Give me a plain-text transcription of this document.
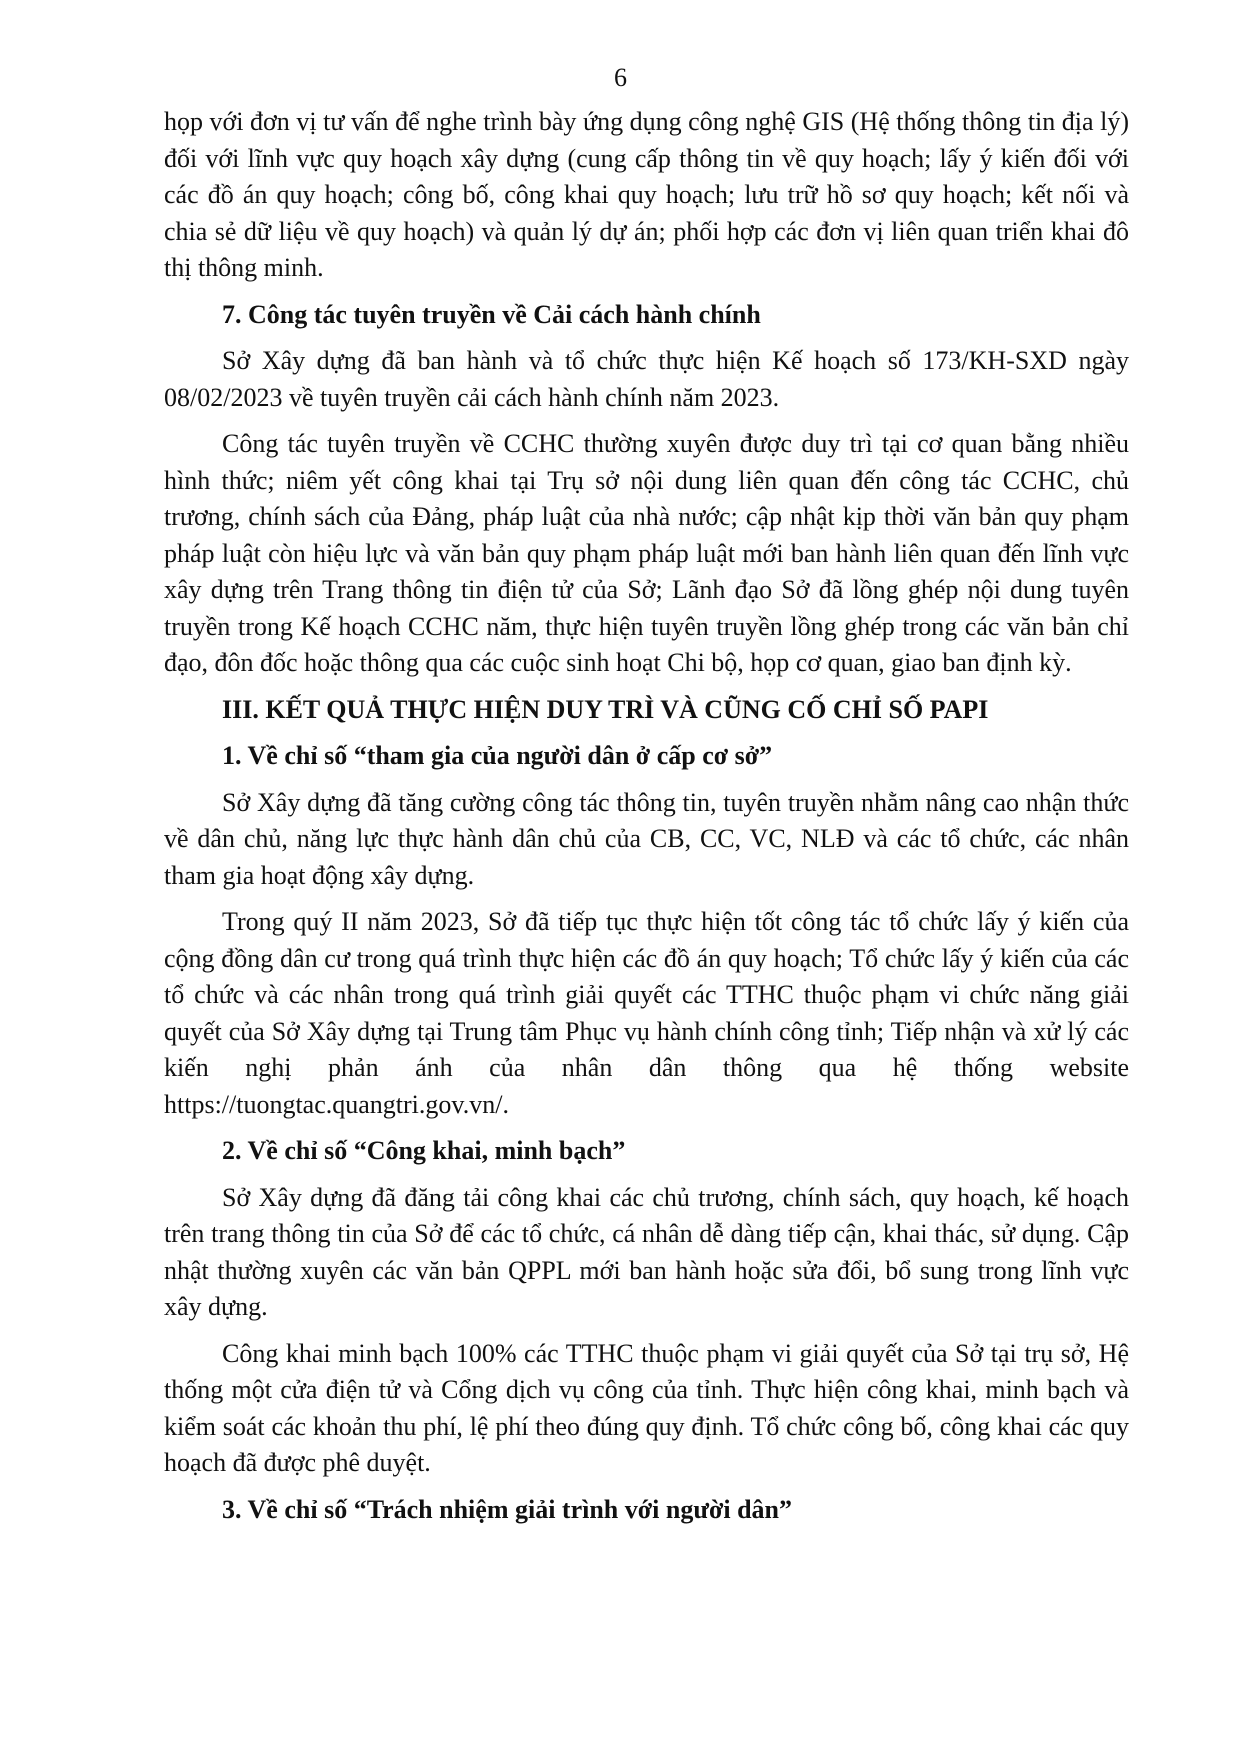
6

họp với đơn vị tư vấn để nghe trình bày ứng dụng công nghệ GIS (Hệ thống thông tin địa lý) đối với lĩnh vực quy hoạch xây dựng (cung cấp thông tin về quy hoạch; lấy ý kiến đối với các đồ án quy hoạch; công bố, công khai quy hoạch; lưu trữ hồ sơ quy hoạch; kết nối và chia sẻ dữ liệu về quy hoạch) và quản lý dự án; phối hợp các đơn vị liên quan triển khai đô thị thông minh.

7. Công tác tuyên truyền về Cải cách hành chính

Sở Xây dựng đã ban hành và tổ chức thực hiện Kế hoạch số 173/KH-SXD ngày 08/02/2023 về tuyên truyền cải cách hành chính năm 2023.

Công tác tuyên truyền về CCHC thường xuyên được duy trì tại cơ quan bằng nhiều hình thức; niêm yết công khai tại Trụ sở nội dung liên quan đến công tác CCHC, chủ trương, chính sách của Đảng, pháp luật của nhà nước; cập nhật kịp thời văn bản quy phạm pháp luật còn hiệu lực và văn bản quy phạm pháp luật mới ban hành liên quan đến lĩnh vực xây dựng trên Trang thông tin điện tử của Sở; Lãnh đạo Sở đã lồng ghép nội dung tuyên truyền trong Kế hoạch CCHC năm, thực hiện tuyên truyền lồng ghép trong các văn bản chỉ đạo, đôn đốc hoặc thông qua các cuộc sinh hoạt Chi bộ, họp cơ quan, giao ban định kỳ.

III. KẾT QUẢ THỰC HIỆN DUY TRÌ VÀ CŨNG CỐ CHỈ SỐ PAPI
1. Về chỉ số “tham gia của người dân ở cấp cơ sở”

Sở Xây dựng đã tăng cường công tác thông tin, tuyên truyền nhằm nâng cao nhận thức về dân chủ, năng lực thực hành dân chủ của CB, CC, VC, NLĐ và các tổ chức, các nhân tham gia hoạt động xây dựng.

Trong quý II năm 2023, Sở đã tiếp tục thực hiện tốt công tác tổ chức lấy ý kiến của cộng đồng dân cư trong quá trình thực hiện các đồ án quy hoạch; Tổ chức lấy ý kiến của các tổ chức và các nhân trong quá trình giải quyết các TTHC thuộc phạm vi chức năng giải quyết của Sở Xây dựng tại Trung tâm Phục vụ hành chính công tỉnh; Tiếp nhận và xử lý các kiến nghị phản ánh của nhân dân thông qua hệ thống website https://tuongtac.quangtri.gov.vn/.

2. Về chỉ số “Công khai, minh bạch”

Sở Xây dựng đã đăng tải công khai các chủ trương, chính sách, quy hoạch, kế hoạch trên trang thông tin của Sở để các tổ chức, cá nhân dễ dàng tiếp cận, khai thác, sử dụng. Cập nhật thường xuyên các văn bản QPPL mới ban hành hoặc sửa đổi, bổ sung trong lĩnh vực xây dựng.

Công khai minh bạch 100% các TTHC thuộc phạm vi giải quyết của Sở tại trụ sở, Hệ thống một cửa điện tử và Cổng dịch vụ công của tỉnh. Thực hiện công khai, minh bạch và kiểm soát các khoản thu phí, lệ phí theo đúng quy định. Tổ chức công bố, công khai các quy hoạch đã được phê duyệt.

3. Về chỉ số “Trách nhiệm giải trình với người dân”
